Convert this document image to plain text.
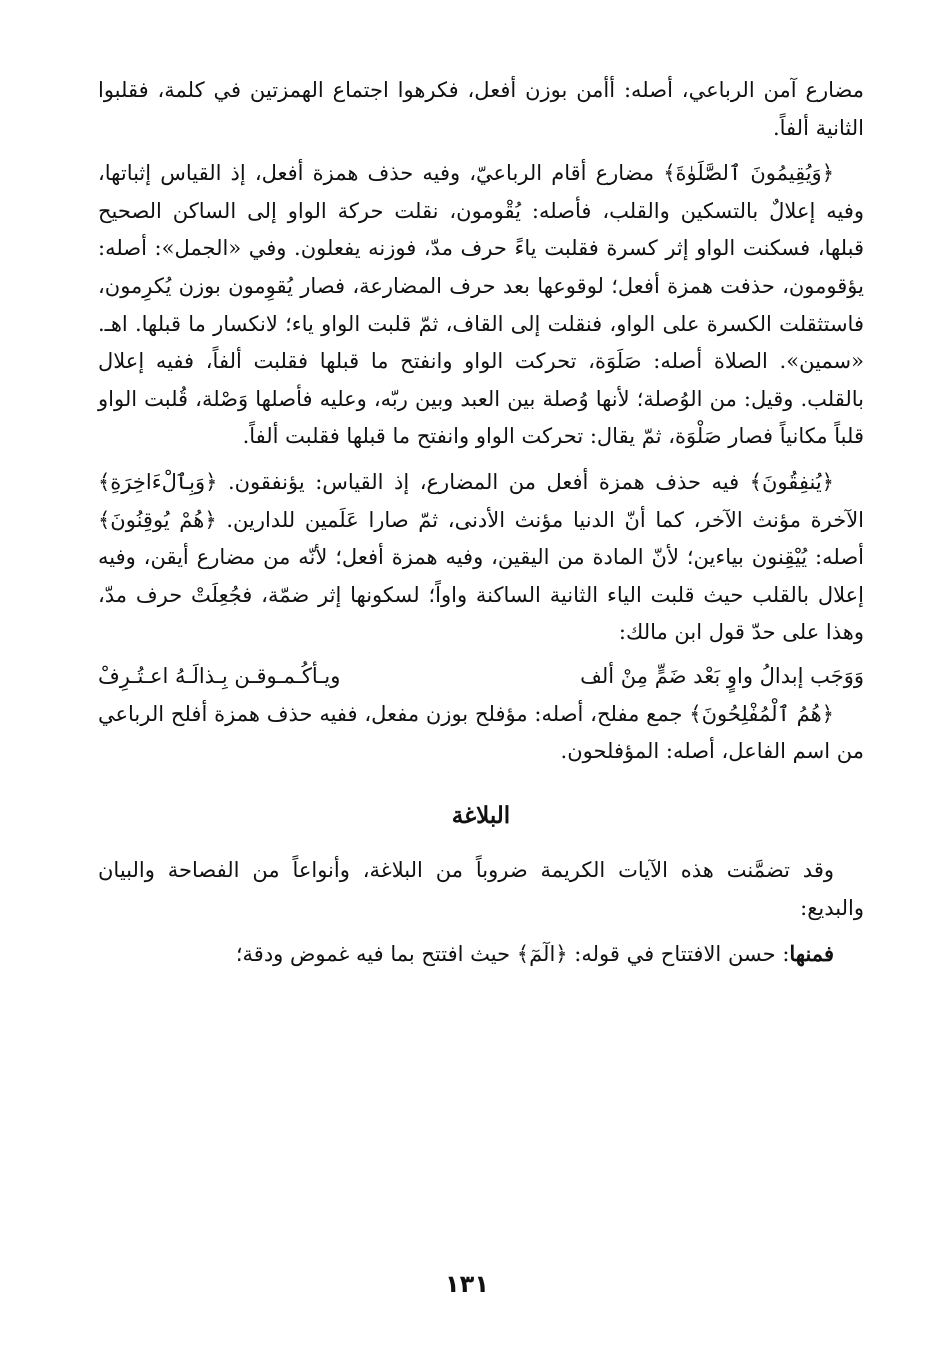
مضارع آمن الرباعي، أصله: أأمن بوزن أفعل، فكرهوا اجتماع الهمزتين في كلمة، فقلبوا الثانية ألفاً.

﴿وَيُقِيمُونَ ٱلصَّلَوٰةَ﴾ مضارع أقام الرباعيّ، وفيه حذف همزة أفعل، إذ القياس إثباتها، وفيه إعلالٌ بالتسكين والقلب، فأصله: يُقْومون، نقلت حركة الواو إلى الساكن الصحيح قبلها، فسكنت الواو إثر كسرة فقلبت ياءً حرف مدّ، فوزنه يفعلون. وفي «الجمل»: أصله: يؤقومون، حذفت همزة أفعل؛ لوقوعها بعد حرف المضارعة، فصار يُقوِمون بوزن يُكرِمون، فاستثقلت الكسرة على الواو، فنقلت إلى القاف، ثمّ قلبت الواو ياء؛ لانكسار ما قبلها. اهـ. «سمين». الصلاة أصله: صَلَوَة، تحركت الواو وانفتح ما قبلها فقلبت ألفاً، ففيه إعلال بالقلب. وقيل: من الوُصلة؛ لأنها وُصلة بين العبد وبين ربّه، وعليه فأصلها وَصْلة، قُلبت الواو قلباً مكانياً فصار صَلْوَة، ثمّ يقال: تحركت الواو وانفتح ما قبلها فقلبت ألفاً.

﴿يُنفِقُونَ﴾ فيه حذف همزة أفعل من المضارع، إذ القياس: يؤنفقون. ﴿وَبِٱلْءَاخِرَةِ﴾ الآخرة مؤنث الآخر، كما أنّ الدنيا مؤنث الأدنى، ثمّ صارا عَلَمين للدارين. ﴿هُمْ يُوقِنُونَ﴾ أصله: يُيْقِنون بياءين؛ لأنّ المادة من اليقين، وفيه همزة أفعل؛ لأنّه من مضارع أيقن، وفيه إعلال بالقلب حيث قلبت الياء الثانية الساكنة واواً؛ لسكونها إثر ضمّة، فجُعِلَتْ حرف مدّ، وهذا على حدّ قول ابن مالك:

وَوَجَب إبدالُ واوٍ بَعْد ضَمٍّ مِنْ ألف
ويـأكُـمـوقـن بِـذالَـهُ اعـتُـرِفْ

﴿هُمُ ٱلْمُفْلِحُونَ﴾ جمع مفلح، أصله: مؤفلح بوزن مفعل، ففيه حذف همزة أفلح الرباعي من اسم الفاعل، أصله: المؤفلحون.

البلاغة

وقد تضمَّنت هذه الآيات الكريمة ضروباً من البلاغة، وأنواعاً من الفصاحة والبيان والبديع:

فمنها: حسن الافتتاح في قوله: ﴿الٓمٓ﴾ حيث افتتح بما فيه غموض ودقة؛

١٣١
